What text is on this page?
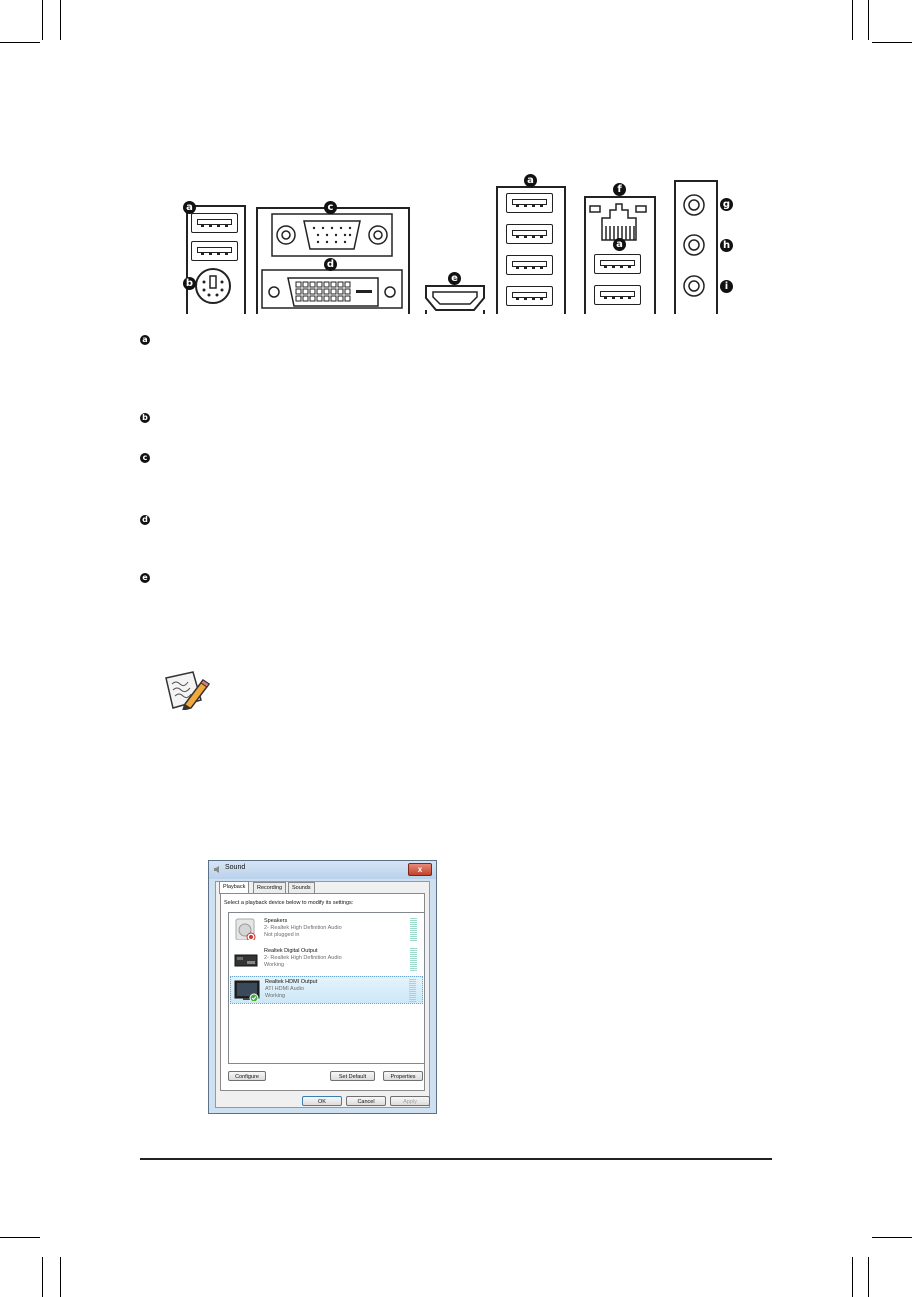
a
b
c
d
e
a
f
a
g
h
i
a
b
c
d
e
Sound	x
Playback	Recording	Sounds
Select a playback device below to modify its settings:
Speakers
2- Realtek High Definition Audio
Not plugged in
Realtek Digital Output
2- Realtek High Definition Audio
Working
Realtek HDMI Output
ATI HDMI Audio
Working
Configure	Set Default	Properties
OK	Cancel	Apply
